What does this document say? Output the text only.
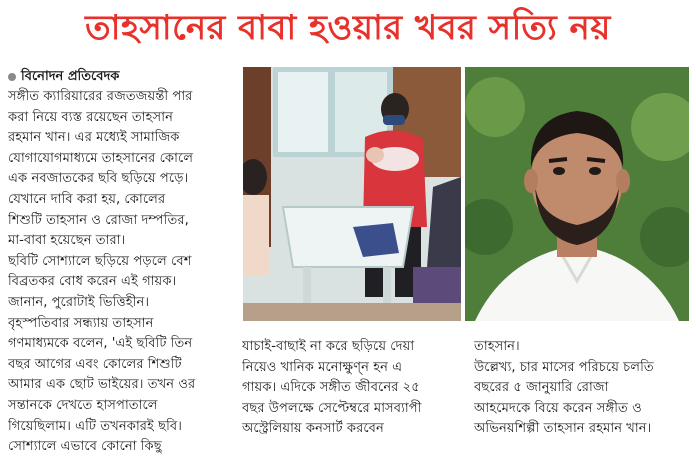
তাহসানের বাবা হওয়ার খবর সত্যি নয়
বিনোদন প্রতিবেদক
সঙ্গীত ক্যারিয়ারের রজতজয়ন্তী পার
করা নিয়ে ব্যস্ত রয়েছেন তাহসান
রহমান খান। এর মধ্যেই সামাজিক
যোগাযোগমাধ্যমে তাহসানের কোলে
এক নবজাতকের ছবি ছড়িয়ে পড়ে।
যেখানে দাবি করা হয়, কোলের
শিশুটি তাহসান ও রোজা দম্পতির,
মা-বাবা হয়েছেন তারা।
ছবিটি সোশ্যালে ছড়িয়ে পড়লে বেশ
বিব্রতকর বোধ করেন এই গায়ক।
জানান, পুরোটাই ভিত্তিহীন।
বৃহস্পতিবার সন্ধ্যায় তাহসান
গণমাধ্যমকে বলেন, 'এই ছবিটি তিন
বছর আগের এবং কোলের শিশুটি
আমার এক ছোট ভাইয়ের। তখন ওর
সন্তানকে দেখতে হাসপাতালে
গিয়েছিলাম। এটি তখনকারই ছবি।
সোশ্যালে এভাবে কোনো কিছু
যাচাই-বাছাই না করে ছড়িয়ে দেয়া
নিয়েও খানিক মনোক্ষুণ্ন হন এ
গায়ক। এদিকে সঙ্গীত জীবনের ২৫
বছর উপলক্ষে সেপ্টেম্বরে মাসব্যাপী
অস্ট্রেলিয়ায় কনসার্ট করবেন
তাহসান।
উল্লেখ্য, চার মাসের পরিচয়ে চলতি
বছরের ৫ জানুয়ারি রোজা
আহমেদকে বিয়ে করেন সঙ্গীত ও
অভিনয়শিল্পী তাহসান রহমান খান।
